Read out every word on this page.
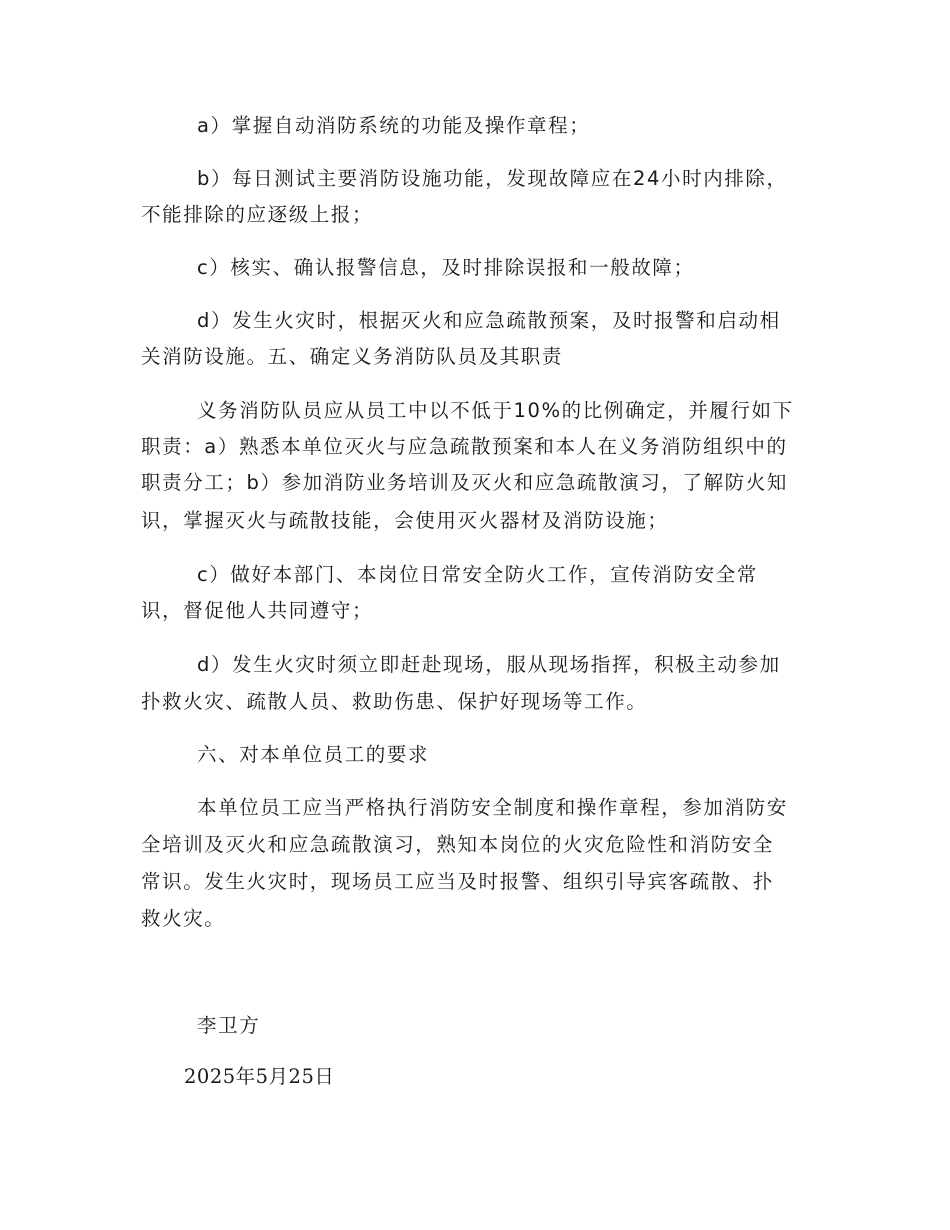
a）掌握自动消防系统的功能及操作章程；
b）每日测试主要消防设施功能，发现故障应在24小时内排除，
不能排除的应逐级上报；
c）核实、确认报警信息，及时排除误报和一般故障；
d）发生火灾时，根据灭火和应急疏散预案，及时报警和启动相
关消防设施。五、确定义务消防队员及其职责
义务消防队员应从员工中以不低于10%的比例确定，并履行如下
职责：a）熟悉本单位灭火与应急疏散预案和本人在义务消防组织中的
职责分工；b）参加消防业务培训及灭火和应急疏散演习，了解防火知
识，掌握灭火与疏散技能，会使用灭火器材及消防设施；
c）做好本部门、本岗位日常安全防火工作，宣传消防安全常
识，督促他人共同遵守；
d）发生火灾时须立即赶赴现场，服从现场指挥，积极主动参加
扑救火灾、疏散人员、救助伤患、保护好现场等工作。
六、对本单位员工的要求
本单位员工应当严格执行消防安全制度和操作章程，参加消防安
全培训及灭火和应急疏散演习，熟知本岗位的火灾危险性和消防安全
常识。发生火灾时，现场员工应当及时报警、组织引导宾客疏散、扑
救火灾。
李卫方
2025年5月25日
